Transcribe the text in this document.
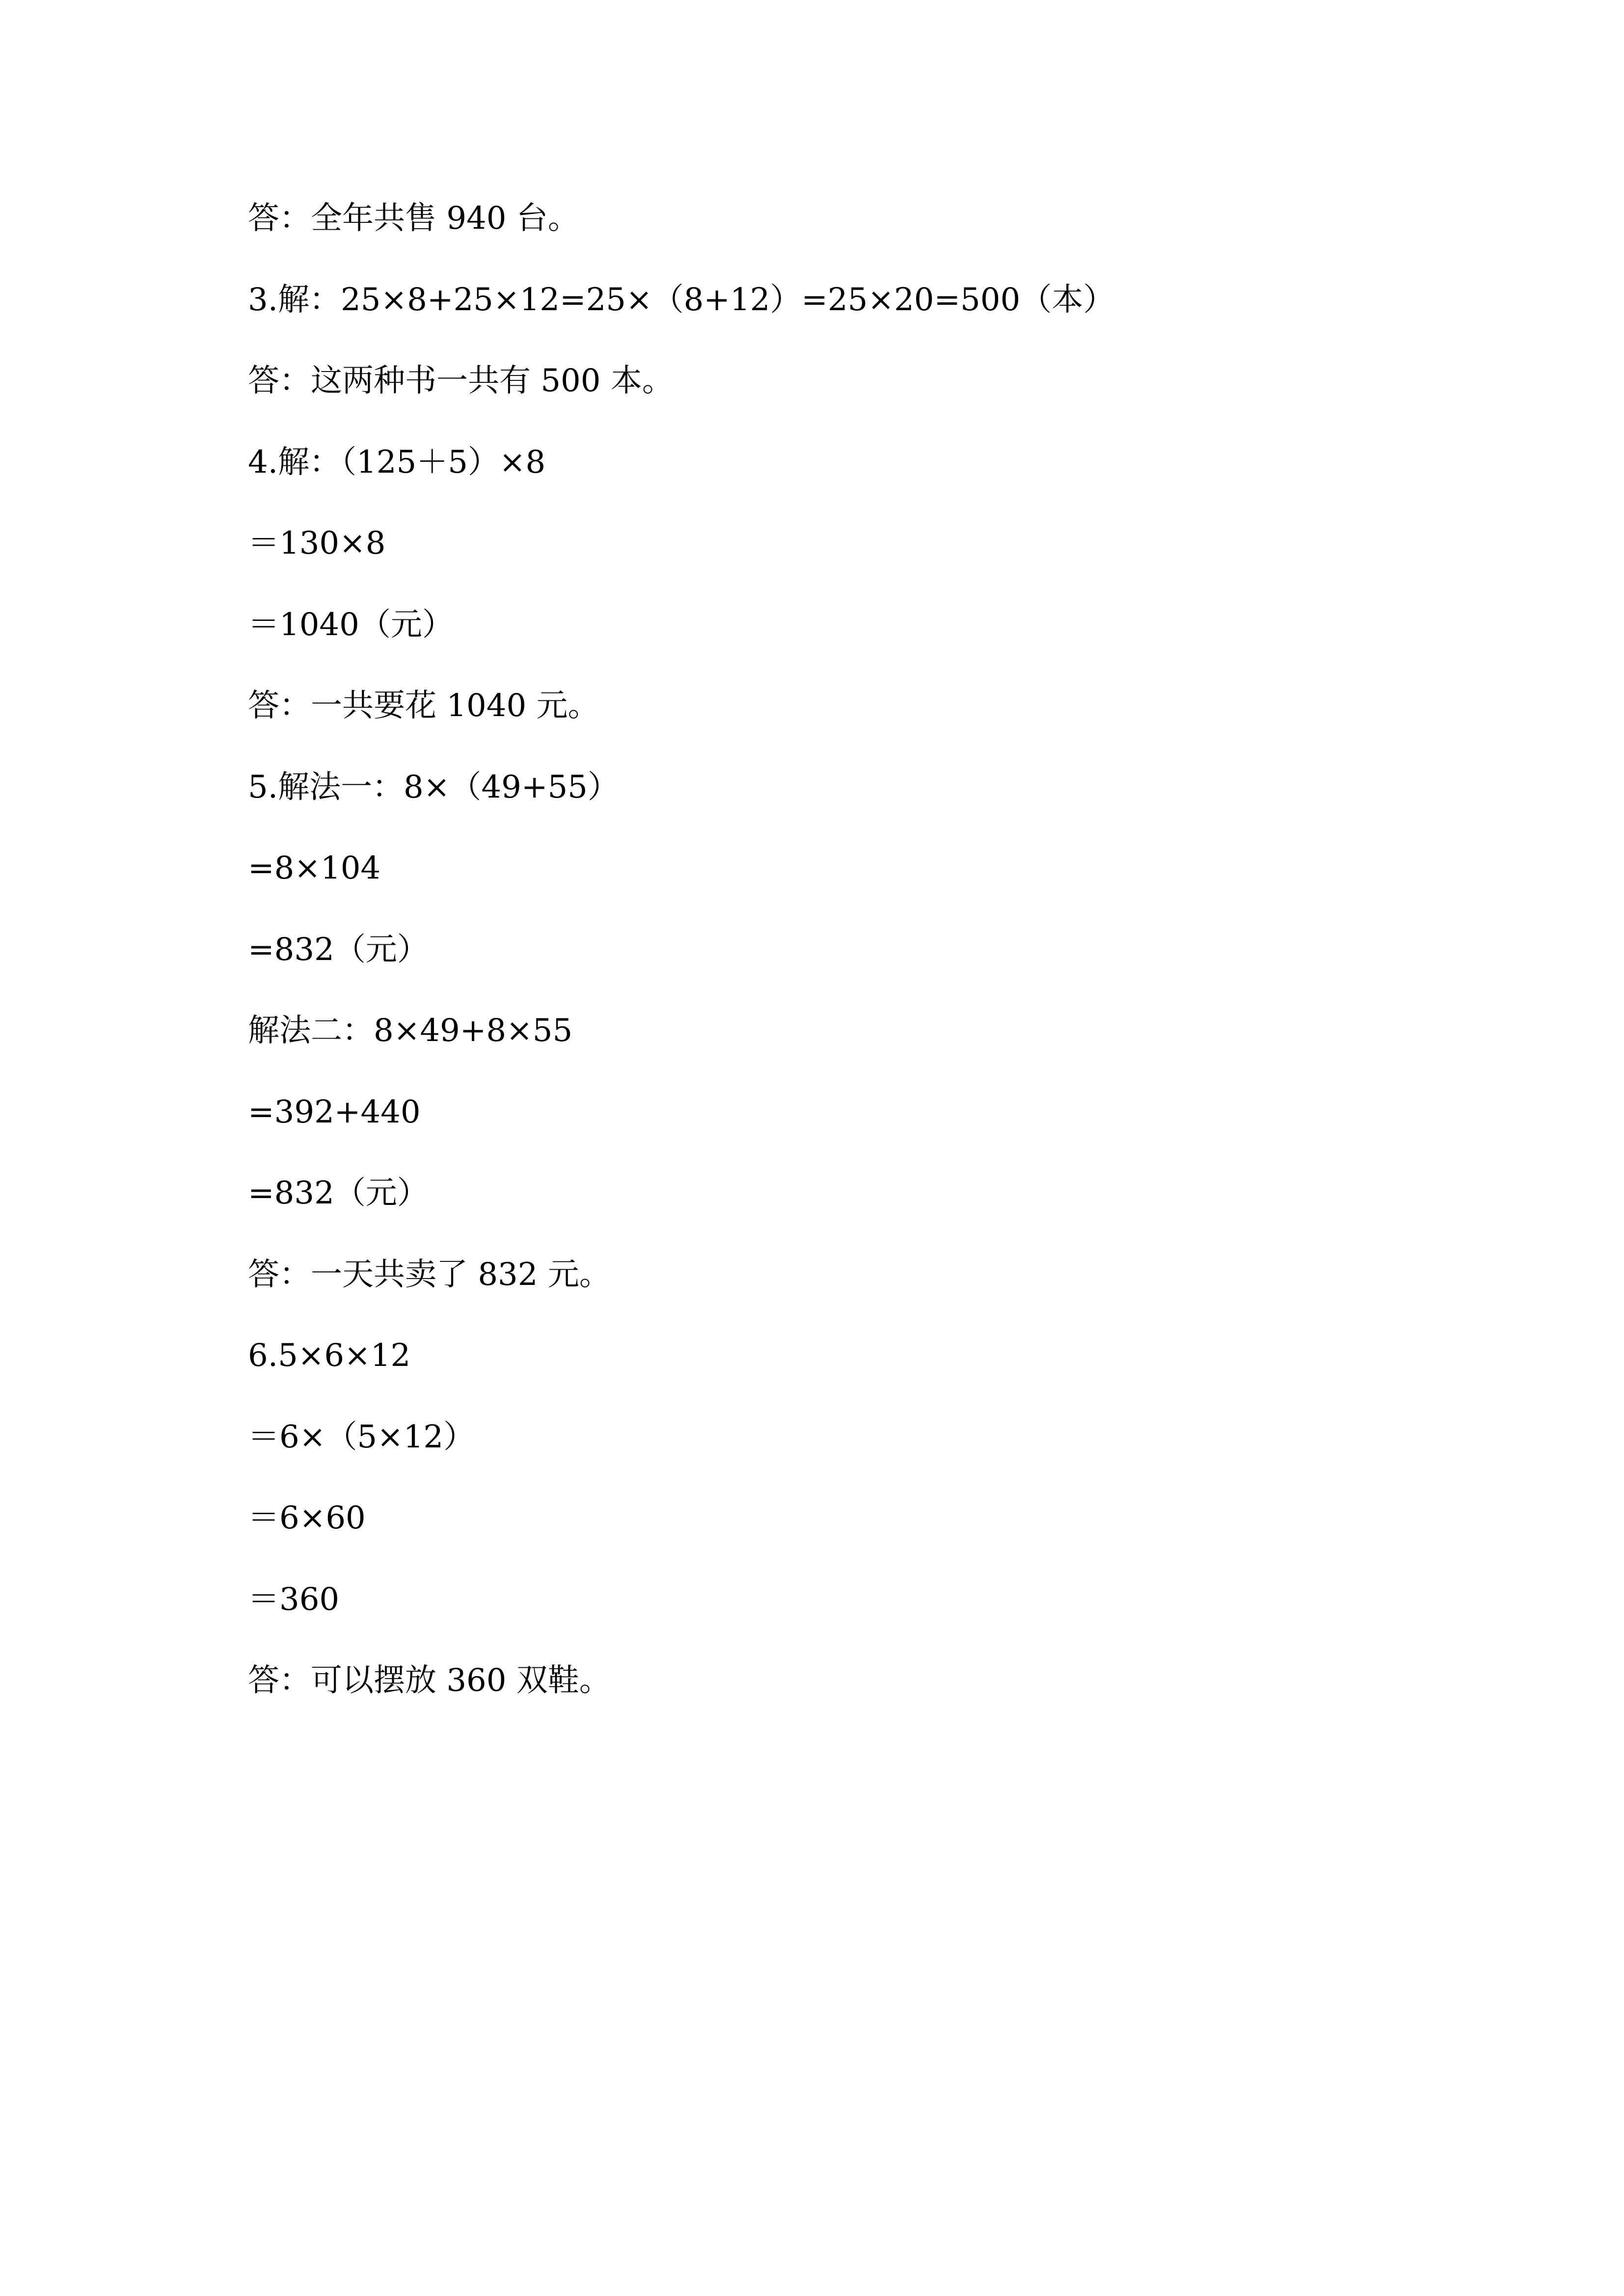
答：全年共售 940 台。
3.解：25×8+25×12=25×（8+12）=25×20=500（本）
答：这两种书一共有 500 本。
4.解：（125＋5）×8
＝130×8
＝1040（元）
答：一共要花 1040 元。
5.解法一：8×（49+55）
=8×104
=832（元）
解法二：8×49+8×55
=392+440
=832（元）
答：一天共卖了 832 元。
6.5×6×12
＝6×（5×12）
＝6×60
＝360
答：可以摆放 360 双鞋。
